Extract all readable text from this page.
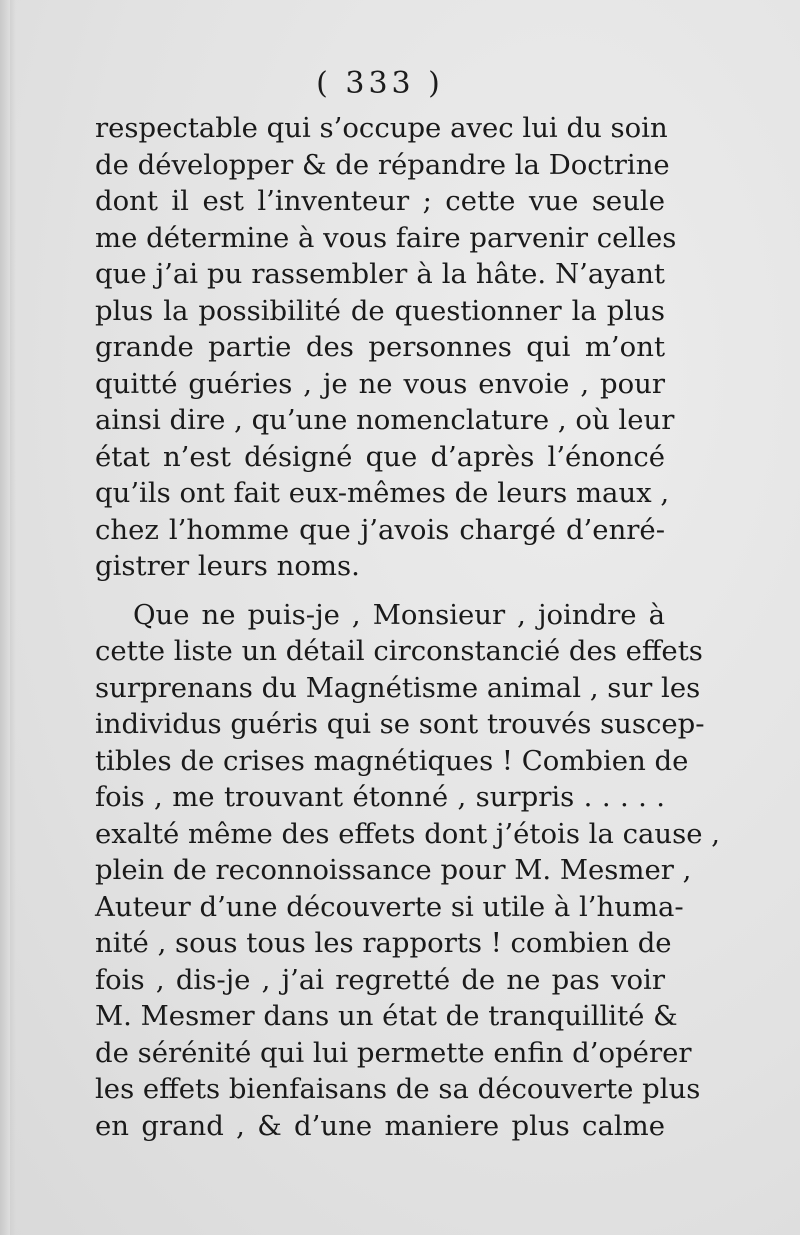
( 333 )
respectable qui s’occupe avec lui du soin
de développer & de répandre la Doctrine
dont il est l’inventeur ; cette vue seule
me détermine à vous faire parvenir celles
que j’ai pu rassembler à la hâte. N’ayant
plus la possibilité de questionner la plus
grande partie des personnes qui m’ont
quitté guéries , je ne vous envoie , pour
ainsi dire , qu’une nomenclature , où leur
état n’est désigné que d’après l’énoncé
qu’ils ont fait eux-mêmes de leurs maux ,
chez l’homme que j’avois chargé d’enré-
gistrer leurs noms.
Que ne puis-je , Monsieur , joindre à
cette liste un détail circonstancié des effets
surprenans du Magnétisme animal , sur les
individus guéris qui se sont trouvés suscep-
tibles de crises magnétiques ! Combien de
fois , me trouvant étonné , surpris . . . . .
exalté même des effets dont j’étois la cause ,
plein de reconnoissance pour M. Mesmer ,
Auteur d’une découverte si utile à l’huma-
nité , sous tous les rapports ! combien de
fois , dis-je , j’ai regretté de ne pas voir
M. Mesmer dans un état de tranquillité &
de sérénité qui lui permette enfin d’opérer
les effets bienfaisans de sa découverte plus
en grand , & d’une maniere plus calme
